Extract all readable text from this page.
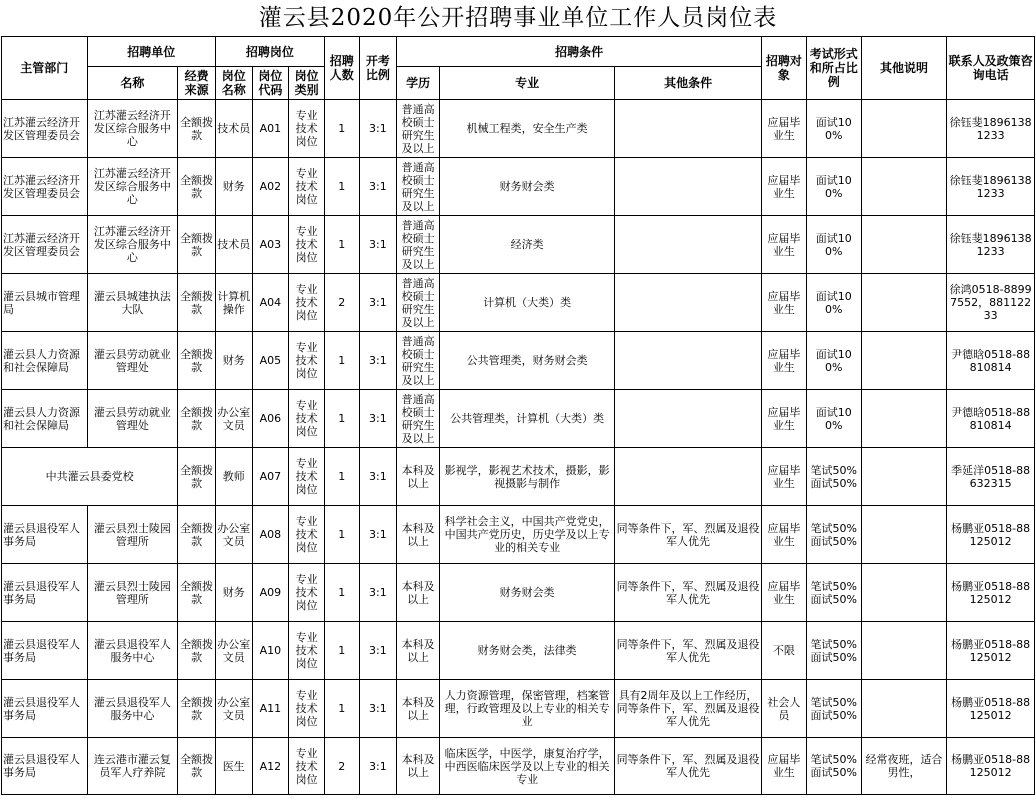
灌云县2020年公开招聘事业单位工作人员岗位表
主管部门	招聘单位		招聘岗位			招聘人数	开考比例	招聘条件			招聘对象	考试形式和所占比例	其他说明	联系人及政策咨询电话
	名称	经费来源	岗位名称	岗位代码	岗位类别			学历	专业	其他条件				
江苏灌云经济开发区管理委员会	江苏灌云经济开发区综合服务中心	全额拨款	技术员	A01	专业技术岗位	1	3:1	普通高校硕士研究生及以上	机械工程类，安全生产类		应届毕业生	面试100%		徐钰斐18961381233
江苏灌云经济开发区管理委员会	江苏灌云经济开发区综合服务中心	全额拨款	财务	A02	专业技术岗位	1	3:1	普通高校硕士研究生及以上	财务财会类		应届毕业生	面试100%		徐钰斐18961381233
江苏灌云经济开发区管理委员会	江苏灌云经济开发区综合服务中心	全额拨款	技术员	A03	专业技术岗位	1	3:1	普通高校硕士研究生及以上	经济类		应届毕业生	面试100%		徐钰斐18961381233
灌云县城市管理局	灌云县城建执法大队	全额拨款	计算机操作	A04	专业技术岗位	2	3:1	普通高校硕士研究生及以上	计算机（大类）类		应届毕业生	面试100%		徐鸿0518-88997552，88112233
灌云县人力资源和社会保障局	灌云县劳动就业管理处	全额拨款	财务	A05	专业技术岗位	1	3:1	普通高校硕士研究生及以上	公共管理类，财务财会类		应届毕业生	面试100%		尹德晗0518-88810814
灌云县人力资源和社会保障局	灌云县劳动就业管理处	全额拨款	办公室文员	A06	专业技术岗位	1	3:1	普通高校硕士研究生及以上	公共管理类，计算机（大类）类		应届毕业生	面试100%		尹德晗0518-88810814
中共灌云县委党校		全额拨款	教师	A07	专业技术岗位	1	3:1	本科及以上	影视学，影视艺术技术，摄影，影视摄影与制作		应届毕业生	笔试50%面试50%		季延洋0518-88632315
灌云县退役军人事务局	灌云县烈士陵园管理所	全额拨款	办公室文员	A08	专业技术岗位	1	3:1	本科及以上	科学社会主义，中国共产党党史，中国共产党历史，历史学及以上专业的相关专业	同等条件下，军、烈属及退役军人优先	应届毕业生	笔试50%面试50%		杨鹏亚0518-88125012
灌云县退役军人事务局	灌云县烈士陵园管理所	全额拨款	财务	A09	专业技术岗位	1	3:1	本科及以上	财务财会类	同等条件下，军、烈属及退役军人优先	应届毕业生	笔试50%面试50%		杨鹏亚0518-88125012
灌云县退役军人事务局	灌云县退役军人服务中心	全额拨款	办公室文员	A10	专业技术岗位	1	3:1	本科及以上	财务财会类，法律类	同等条件下，军、烈属及退役军人优先	不限	笔试50%面试50%		杨鹏亚0518-88125012
灌云县退役军人事务局	灌云县退役军人服务中心	全额拨款	办公室文员	A11	专业技术岗位	1	3:1	本科及以上	人力资源管理，保密管理，档案管理，行政管理及以上专业的相关专业	具有2周年及以上工作经历，同等条件下，军、烈属及退役军人优先	社会人员	笔试50%面试50%		杨鹏亚0518-88125012
灌云县退役军人事务局	连云港市灌云复员军人疗养院	全额拨款	医生	A12	专业技术岗位	2	3:1	本科及以上	临床医学，中医学，康复治疗学，中西医临床医学及以上专业的相关专业	同等条件下，军、烈属及退役军人优先	应届毕业生	笔试50%面试50%	经常夜班，适合男性，	杨鹏亚0518-88125012
